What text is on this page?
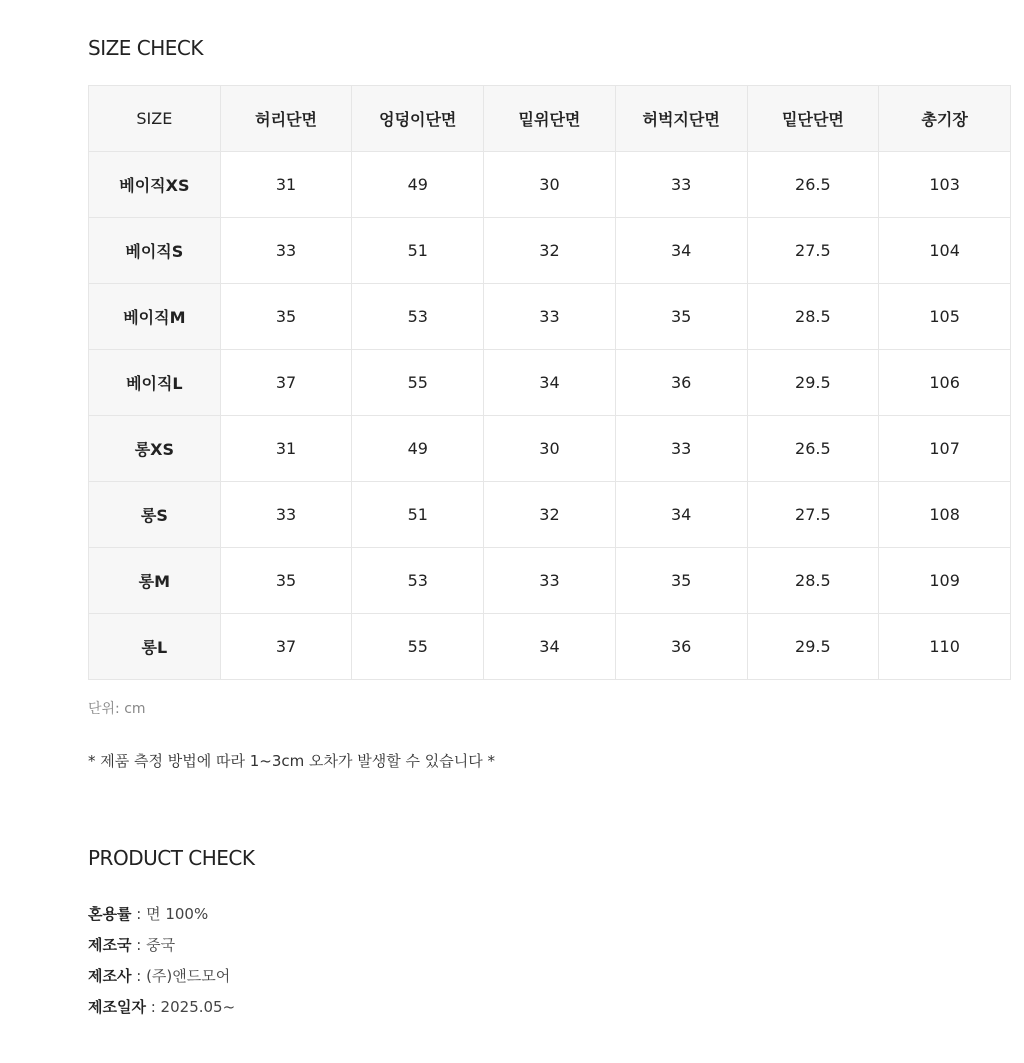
SIZE CHECK
SIZE	허리단면	엉덩이단면	밑위단면	허벅지단면	밑단단면	총기장
베이직XS	31	49	30	33	26.5	103
베이직S	33	51	32	34	27.5	104
베이직M	35	53	33	35	28.5	105
베이직L	37	55	34	36	29.5	106
롱XS	31	49	30	33	26.5	107
롱S	33	51	32	34	27.5	108
롱M	35	53	33	35	28.5	109
롱L	37	55	34	36	29.5	110
단위: cm
* 제품 측정 방법에 따라 1~3cm 오차가 발생할 수 있습니다 *
PRODUCT CHECK
혼용률 : 면 100%
제조국 : 중국
제조사 : (주)앤드모어
제조일자 : 2025.05~
